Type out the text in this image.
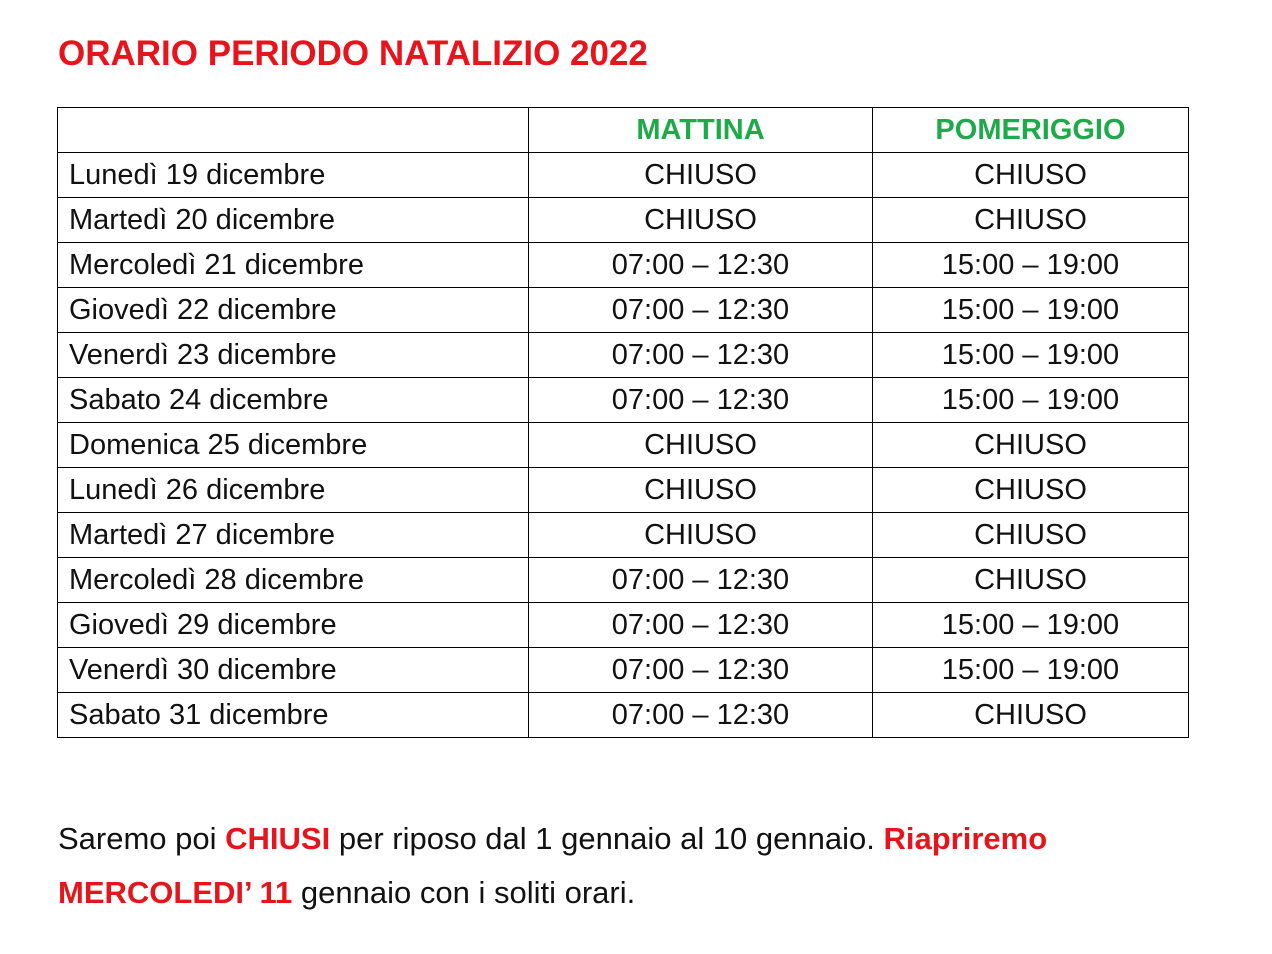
ORARIO PERIODO NATALIZIO 2022
	MATTINA	POMERIGGIO
Lunedì 19 dicembre	CHIUSO	CHIUSO
Martedì 20 dicembre	CHIUSO	CHIUSO
Mercoledì 21 dicembre	07:00 – 12:30	15:00 – 19:00
Giovedì 22 dicembre	07:00 – 12:30	15:00 – 19:00
Venerdì 23 dicembre	07:00 – 12:30	15:00 – 19:00
Sabato 24 dicembre	07:00 – 12:30	15:00 – 19:00
Domenica 25 dicembre	CHIUSO	CHIUSO
Lunedì 26 dicembre	CHIUSO	CHIUSO
Martedì 27 dicembre	CHIUSO	CHIUSO
Mercoledì 28 dicembre	07:00 – 12:30	CHIUSO
Giovedì 29 dicembre	07:00 – 12:30	15:00 – 19:00
Venerdì 30 dicembre	07:00 – 12:30	15:00 – 19:00
Sabato 31 dicembre	07:00 – 12:30	CHIUSO
Saremo poi CHIUSI per riposo dal 1 gennaio al 10 gennaio. Riapriremo MERCOLEDI’ 11 gennaio con i soliti orari.
